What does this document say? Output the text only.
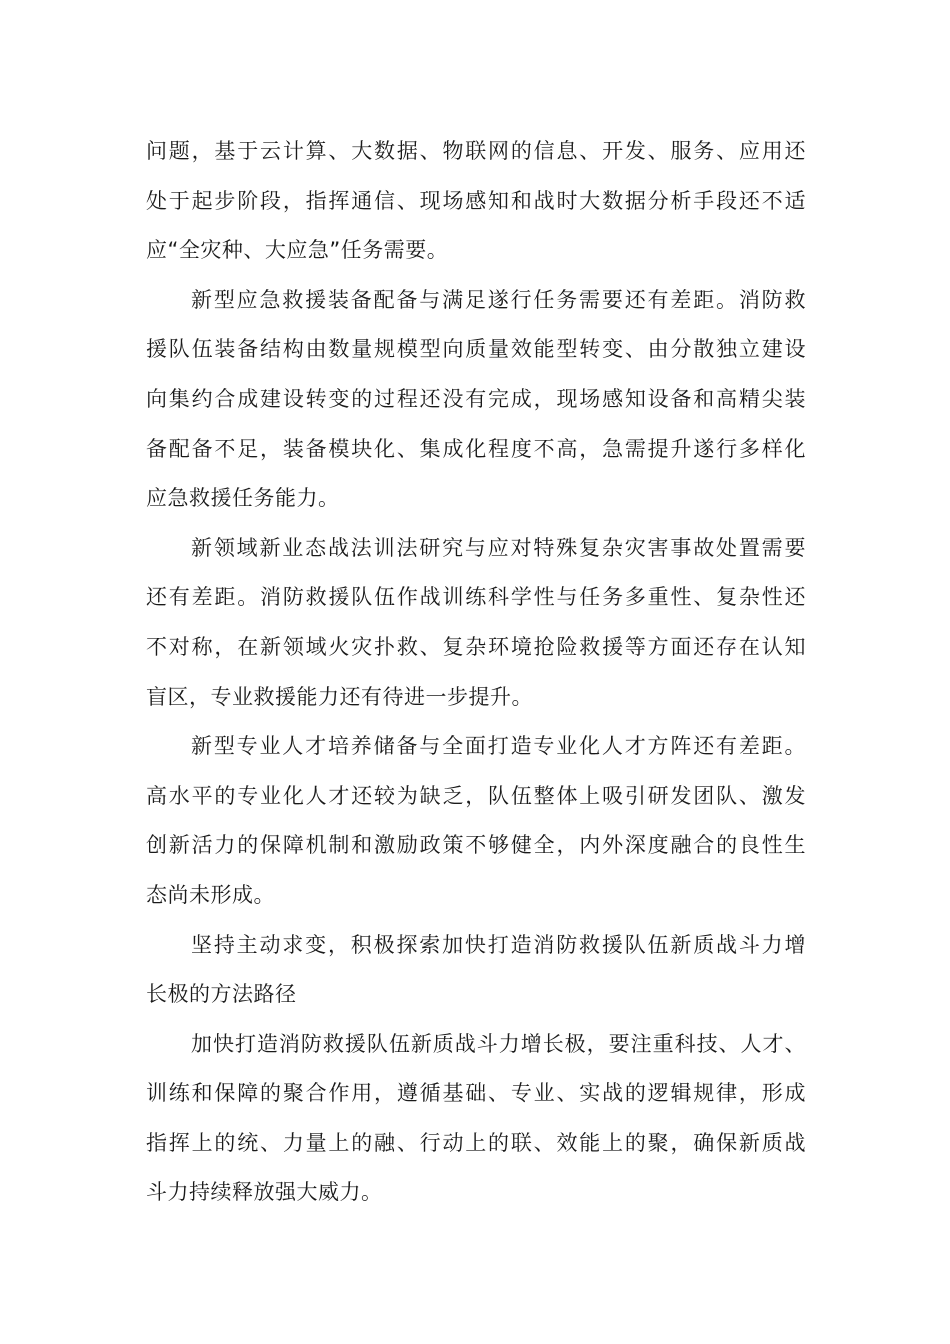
问题，基于云计算、大数据、物联网的信息、开发、服务、应用还
处于起步阶段，指挥通信、现场感知和战时大数据分析手段还不适
应“全灾种、大应急”任务需要。
新型应急救援装备配备与满足遂行任务需要还有差距。消防救
援队伍装备结构由数量规模型向质量效能型转变、由分散独立建设
向集约合成建设转变的过程还没有完成，现场感知设备和高精尖装
备配备不足，装备模块化、集成化程度不高，急需提升遂行多样化
应急救援任务能力。
新领域新业态战法训法研究与应对特殊复杂灾害事故处置需要
还有差距。消防救援队伍作战训练科学性与任务多重性、复杂性还
不对称，在新领域火灾扑救、复杂环境抢险救援等方面还存在认知
盲区，专业救援能力还有待进一步提升。
新型专业人才培养储备与全面打造专业化人才方阵还有差距。
高水平的专业化人才还较为缺乏，队伍整体上吸引研发团队、激发
创新活力的保障机制和激励政策不够健全，内外深度融合的良性生
态尚未形成。
坚持主动求变，积极探索加快打造消防救援队伍新质战斗力增
长极的方法路径
加快打造消防救援队伍新质战斗力增长极，要注重科技、人才、
训练和保障的聚合作用，遵循基础、专业、实战的逻辑规律，形成
指挥上的统、力量上的融、行动上的联、效能上的聚，确保新质战
斗力持续释放强大威力。
